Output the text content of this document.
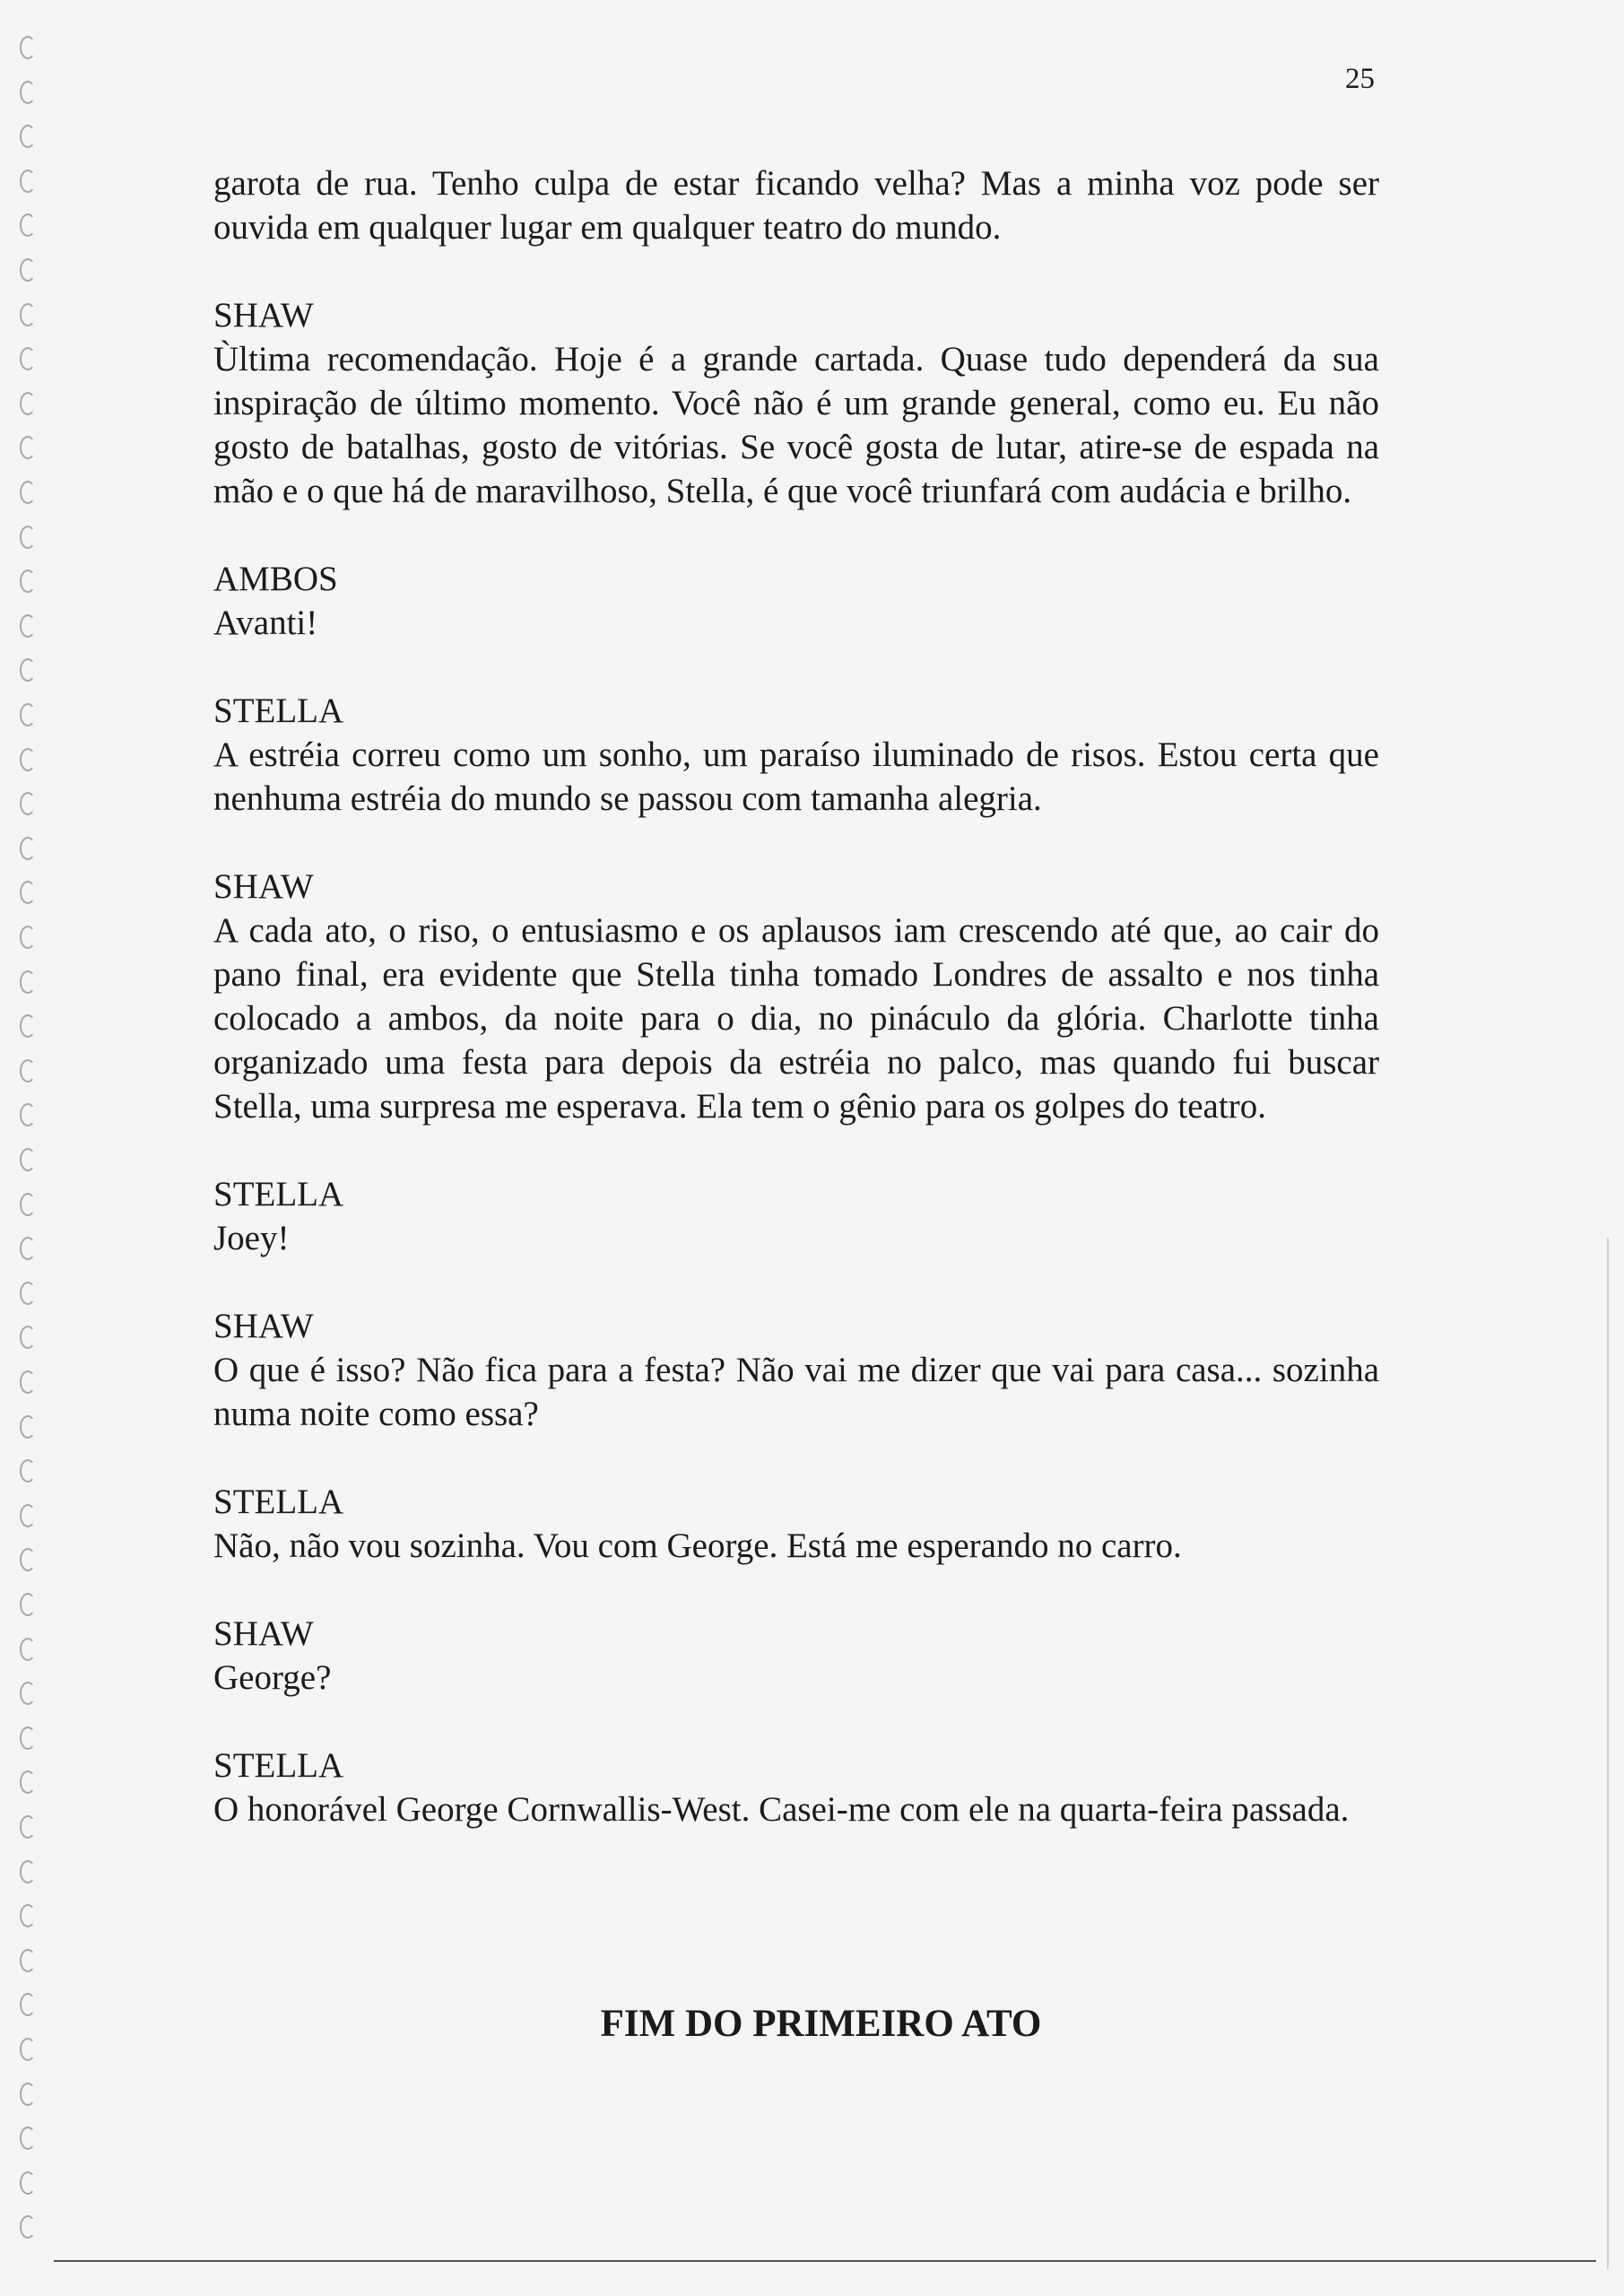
25
garota de rua. Tenho culpa de estar ficando velha? Mas a minha voz pode ser ouvida em qualquer lugar em qualquer teatro do mundo.
SHAW
Ùltima recomendação. Hoje é a grande cartada. Quase tudo dependerá da sua inspiração de último momento. Você não é um grande general, como eu. Eu não gosto de batalhas, gosto de vitórias. Se você gosta de lutar, atire-se de espada na mão e o que há de maravilhoso, Stella, é que você triunfará com audácia e brilho.
AMBOS
Avanti!
STELLA
A estréia correu como um sonho, um paraíso iluminado de risos. Estou certa que nenhuma estréia do mundo se passou com tamanha alegria.
SHAW
A cada ato, o riso, o entusiasmo e os aplausos iam crescendo até que, ao cair do pano final, era evidente que Stella tinha tomado Londres de assalto e nos tinha colocado a ambos, da noite para o dia, no pináculo da glória. Charlotte tinha organizado uma festa para depois da estréia no palco, mas quando fui buscar Stella, uma surpresa me esperava. Ela tem o gênio para os golpes do teatro.
STELLA
Joey!
SHAW
O que é isso? Não fica para a festa? Não vai me dizer que vai para casa... sozinha numa noite como essa?
STELLA
Não, não vou sozinha. Vou com George. Está me esperando no carro.
SHAW
George?
STELLA
O honorável George Cornwallis-West. Casei-me com ele na quarta-feira passada.
FIM DO PRIMEIRO ATO
